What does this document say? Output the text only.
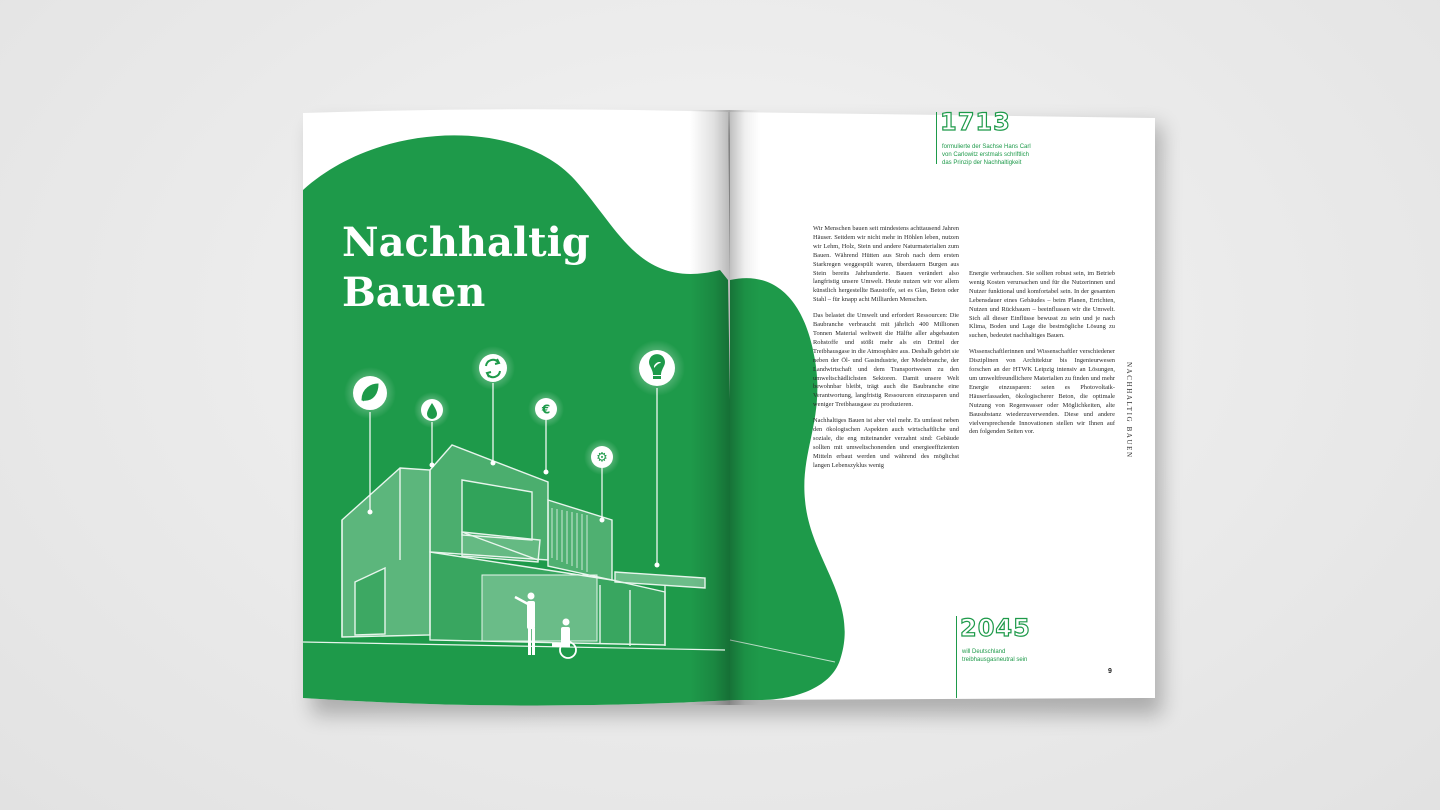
€
⚙
Nachhaltig
Bauen
1713
formulierte der Sachse Hans Carl
von Carlowitz erstmals schriftlich
das Prinzip der Nachhaltigkeit

Wir Menschen bauen seit mindestens achttausend Jahren Häuser. Seitdem wir nicht mehr in Höhlen leben, nutzen wir Lehm, Holz, Stein und andere Naturmaterialien zum Bauen. Während Hütten aus Stroh nach dem ersten Starkregen weggespült waren, überdauern Burgen aus Stein bereits Jahrhunderte. Bauen verändert also langfristig unsere Umwelt. Heute nutzen wir vor allem künstlich hergestellte Baustoffe, sei es Glas, Beton oder Stahl – für knapp acht Milliarden Menschen.

Das belastet die Umwelt und erfordert Ressourcen: Die Baubranche verbraucht mit jährlich 400 Millionen Tonnen Material weltweit die Hälfte aller abgebauten Rohstoffe und stößt mehr als ein Drittel der Treibhausgase in die Atmosphäre aus. Deshalb gehört sie neben der Öl- und Gasindustrie, der Modebranche, der Landwirtschaft und dem Transportwesen zu den umweltschädlichsten Sektoren. Damit unsere Welt bewohnbar bleibt, trägt auch die Baubranche eine Verantwortung, langfristig Ressourcen einzusparen und weniger Treibhausgase zu produzieren.

Nachhaltiges Bauen ist aber viel mehr. Es umfasst neben den ökologischen Aspekten auch wirtschaftliche und soziale, die eng miteinander verzahnt sind: Gebäude sollten mit umweltschonenden und energieeffizienten Mitteln erbaut werden und während des möglichst langen Lebenszyklus wenig

Energie verbrauchen. Sie sollten robust sein, im Betrieb wenig Kosten verursachen und für die Nutzerinnen und Nutzer funktional und komfortabel sein. In der gesamten Lebensdauer eines Gebäudes – beim Planen, Errichten, Nutzen und Rückbauen – beeinflussen wir die Umwelt. Sich all dieser Einflüsse bewusst zu sein und je nach Klima, Boden und Lage die bestmögliche Lösung zu suchen, bedeutet nachhaltiges Bauen.

Wissenschaftlerinnen und Wissenschaftler verschiedener Disziplinen von Architektur bis Ingenieurwesen forschen an der HTWK Leipzig intensiv an Lösungen, um umweltfreundlichere Materialien zu finden und mehr Energie einzusparen: seien es Photovoltaik-Häuserfassaden, ökologischerer Beton, die optimale Nutzung von Regenwasser oder Möglichkeiten, alte Bausubstanz wiederzuverwenden. Diese und andere vielversprechende Innovationen stellen wir Ihnen auf den folgenden Seiten vor.	NACHHALTIG BAUEN
2045
will Deutschland
treibhausgasneutral sein
9
